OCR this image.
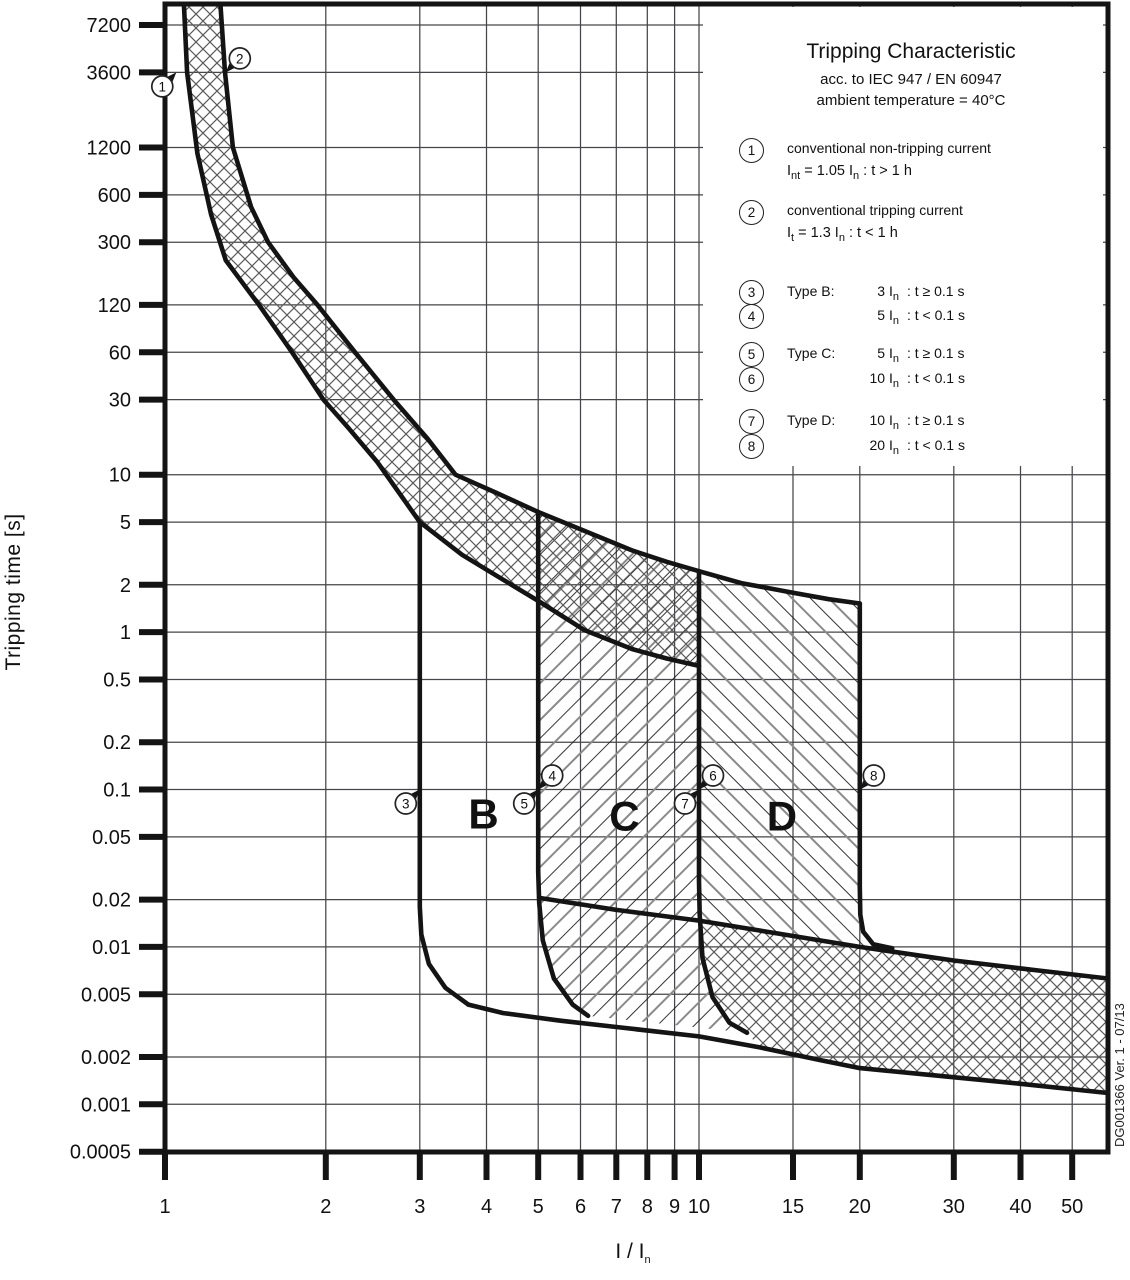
7200
3600
1200
600
300
120
60
30
10
5
2
1
0.5
0.2
0.1
0.05
0.02
0.01
0.005
0.002
0.001
0.0005
1	2	3	4 5 6 7 8 9 10	15 20	30 40 50
B	C	D
1
2
3
4
5
6
7
8
Tripping time [s]
I / $I_n$
DG001366 Ver. 1 - 07/13
Tripping Characteristic
acc. to IEC 947 / EN 60947
ambient temperature = 40°C
1	conventional non-tripping current
$I_{nt} = 1.05$ $I_n$ : t > 1 h
2	conventional tripping current
$I_t = 1.3$ $I_n$ : t < 1 h
3	Type B:	3 $I_n$ : t ≥ 0.1 s
4	5 $I_n$ : t < 0.1 s
5	Type C:	5 $I_n$ : t ≥ 0.1 s
6	10 $I_n$ : t < 0.1 s
7	Type D:	10 $I_n$ : t ≥ 0.1 s
8	20 $I_n$ : t < 0.1 s
